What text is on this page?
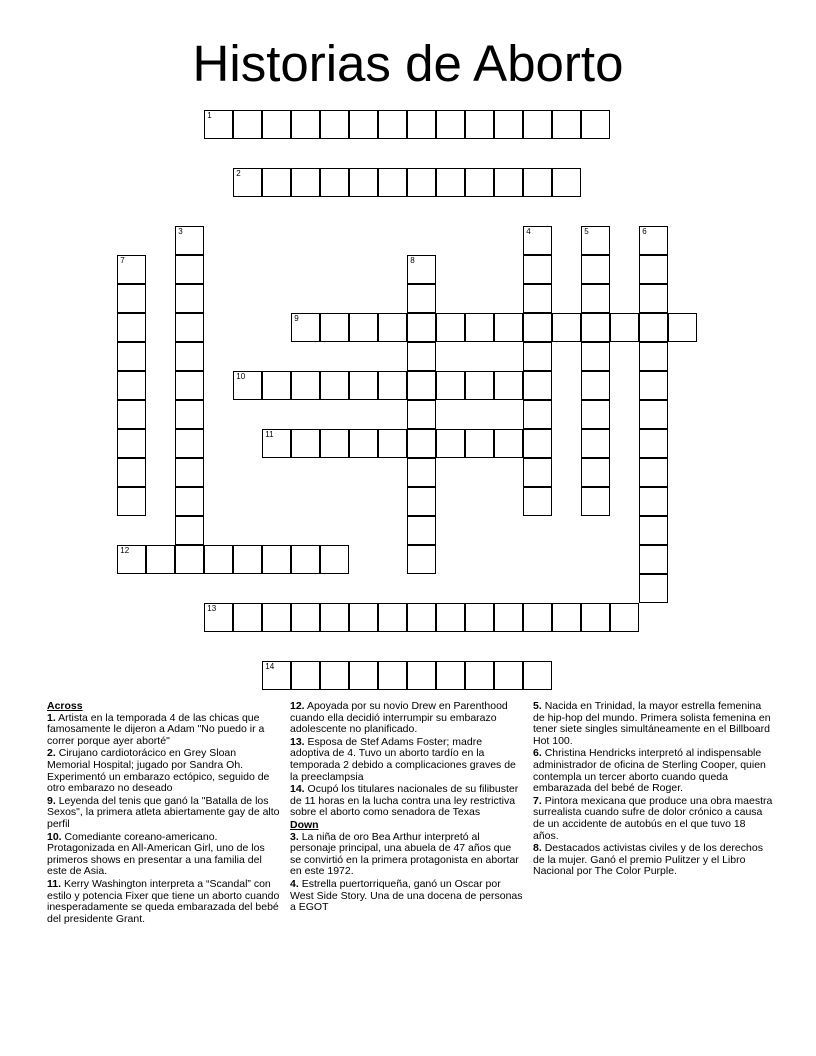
Historias de Aborto
1
2
3	4	5	6
7	8
9
10
11
12
13
14
Across
1. Artista en la temporada 4 de las chicas que famosamente le dijeron a Adam "No puedo ir a correr porque ayer aborté"
2. Cirujano cardiotorácico en Grey Sloan Memorial Hospital; jugado por Sandra Oh. Experimentó un embarazo ectópico, seguido de otro embarazo no deseado
9. Leyenda del tenis que ganó la "Batalla de los Sexos", la primera atleta abiertamente gay de alto perfil
10. Comediante coreano-americano. Protagonizada en All-American Girl, uno de los primeros shows en presentar a una familia del este de Asia.
11. Kerry Washington interpreta a “Scandal” con estilo y potencia Fixer que tiene un aborto cuando inesperadamente se queda embarazada del bebé del presidente Grant.
12. Apoyada por su novio Drew en Parenthood cuando ella decidió interrumpir su embarazo adolescente no planificado.
13. Esposa de Stef Adams Foster; madre adoptiva de 4. Tuvo un aborto tardío en la temporada 2 debido a complicaciones graves de la preeclampsia
14. Ocupó los titulares nacionales de su filibuster de 11 horas en la lucha contra una ley restrictiva sobre el aborto como senadora de Texas
Down
3. La niña de oro Bea Arthur interpretó al personaje principal, una abuela de 47 años que se convirtió en la primera protagonista en abortar en este 1972.
4. Estrella puertorriqueña, ganó un Oscar por West Side Story. Una de una docena de personas a EGOT
5. Nacida en Trinidad, la mayor estrella femenina de hip-hop del mundo. Primera solista femenina en tener siete singles simultáneamente en el Billboard Hot 100.
6. Christina Hendricks interpretó al indispensable administrador de oficina de Sterling Cooper, quien contempla un tercer aborto cuando queda embarazada del bebé de Roger.
7. Pintora mexicana que produce una obra maestra surrealista cuando sufre de dolor crónico a causa de un accidente de autobús en el que tuvo 18 años.
8. Destacados activistas civiles y de los derechos de la mujer. Ganó el premio Pulitzer y el Libro Nacional por The Color Purple.
